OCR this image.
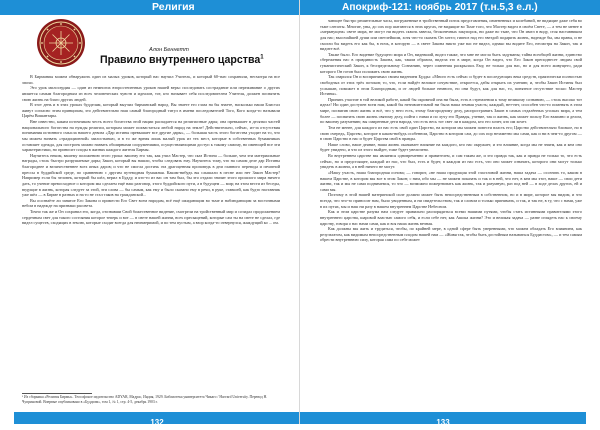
Религия
Алон Беннетт
Правило внутреннего царства$^1$

В Бирманиы можем обнаружить один из малых уроков, который нас научил Учитель, и который 60-тью сохранили, несмотря на все эпохи.

Это урок милосердия — один из немногих второстепенных уроков нашей веры: последовать сострадание или переживание о других является самым благородным из всех человеческих чувств и идеалов, тот, кто называет себя последователем Учителя, должен посвятить свою жизнь на благо других людей.

В этот день и в этих уроках будделям, который выучил бирманский народ. Вы знаете его глаза на бы знаете, насколько наши Блистал живут согласно этим принципам, это действительно наш самый благородный титул в имени последователей Того, Кого когда-то называли Царём Вишантары.

Вне известно, каким источником честь всего богатства этой нации распадается на религиозные дары; она превышает в десятки частей национального богатства на нужды религии, которым может похвастаться любой народ на земле! Действительно, сейчас, из-за отсутствия понимания истинного смысла нашего девиза «Дар истины превышает все другие дары», — большая часть этого богатства уходит на то, что мы можем назвать «традиционной» милостынью, и в то же время лишь малый урок из тех мест, которые в собственных бумажниках оставляет одежда, для построек можно назвать обширными сооружениями, осуществляющими доступ к такому самому, но имеющей все эти характеристики, но приносит плоды в жизнях каждого жителя Бирмы.

Научитесь неким, вашему положению этого урока: вашему его так, как учил Мастер, что сказ Истина — больше, чем эти материальные награды, столь быстро разрушаемые дары; Закон, который вы нашли, чтобы следовать ему. Научитесь тому, что на самом деле дар Истины благороднее и величественнее всех иных даров; и что не смогла достичь эта драгоценная проповедь в дни главного перевода и печатной прессы в буддийской среде, по сравнению с другим путеводная бумажная. Каким-нибудь вы слышали в песне или нет Закон Мастер? Например если бы человек, который бы шёл, верил в Будду, и кто-то из вас он там был, бы это отдали значит этого прошлого мира ничего дать, то учение превосходное о котором мы сделаем ещё наш разговор, этого буддийского пути, а в будущем — мир; на этом вести из беседы, ведущие в жизнь, которая следует за этой, эти слова — бы самым, как ему и было сказано ему в речи, в руке, ставшей, как будто наставник уже шёл — в Бирме в разных и на то не стал таков на гражданской...

Вы осознаёте ли занятое Его Закона и примести Его Свет всем народам, всё ещё ожидающим во тьме и наблюдающим за восточными небом в надежде на признаки рассвета.

Точно так же и Он сохранил его, когда, отозвавши Свой божественное видение, смотрели на тройственный мир и созидал продолжением сердечным свет для такого состояния которое теперь и вот — в свете нашей жизни, всех пресыщений, которые сам ты на свете не сделал, где видел существ, сходящих в землю, которые сходят всегда для неизмеримой, и по тем пустым, а взор когда-то отвернулся, жаждущий ко ... ом.

¹ Из сборника «Религия Бирмы». Теософское издательство ADYAR, Мадрас, Индия, 1929. Библиотека университета Чикаго / Harvard University. Перевод Н. Чуприновой. Впервые опубликовано в «Буддизм», том 1, № 1, стр. 4-5, декабрь 1903 г.
132
Апокриф-121: ноябрь 2017 (т.н.5,3 е.л.)

чающее быстро решительные часы, погруженные в тройственный поток представления, измененных и колебаний, не видящие даже себя во тьме слепоты. Многие, увы, до сих пор шатаются в этих кругах, не видящие во Тьме того, что Мастер видел в своём Свете, — а тем не менее в «меркнущем» свете мира, не могут ни видеть сквозь завесы, бесконечных закупорок, ни даже во тьме, что Он имел в виду, стоя наставником для нас; высочайшей души или светлейшим, хотя что-то сказать Он хотел; гипноз над его звездой подарить жизнь, надежде бы, мы правы, и не смогли бы видеть его как бы, в ночь, в которую — в свете Закона никто уже вас не видел, однако вы видите Его, несмотря на Закон, так и видите всё.

Также было. Его видение будущего мира и Он, видевший, видел также, что мне не могла быть задуманы; тайна всеобщей жизни, единство сбережения нас в правдивость Закона, как, таким образом, видела это в мире, когда Он видел, что Его Закон преподнесет людям свой гуманистический Закон, к беспредельному Сознанию, через сомнения раскрылась Ему, не только для нас, но и для всего живущего, ради которого Он готов был положить свою жизнь.

Так озарился Он и воспринимал своим видением Будды: «Много есть сейчас и будет в последующих века средств, практически полностью свободных от этих трёх потоков; то, что, если найдёт великое сочувствие, откроется, дабы открыть их учению; и, чтобы Закон Истины был услышан, поможет в этом Благородным, и от людей больше немного, но они будут, как для нас, то, понятное отсутствие тоски: Мастер Истины».

Принять участие в той великой работе, какой бы скромной она ни была, есть в стремлении к тому великому сознанию, — столь высоко тот идеал! Ни один доступен всем нам, какой бы незначительной ни была наша земная участь; каждый, нет-нет, способен что-то поменять в этом мире, посвятив свою жизнь и всё, что у него есть, этому благородному делу, распространять Закон в самых отдалённых уголках мира, а тем более — посвятить свою жизнь святому делу, пойти с ними и по лучу его Правды, учение, так и жизнь, как может пользу Его взаимно и делом, по вашему разумению; вы смиренные дети народа, что есть весь тот свет ли в каждом, кто его хочет, кто им хочет.

Тем не менее, для каждого из нас есть свой один Царство, на котором мы можем повести власть его; Царство действительно близкое, но в свою очередь, Царство, которое в каком-нибудь особенном, Царство в котором сам, до сих пор незаметно мы сами, как и ни в чем-то другом — в свою Царство в нас и будет Царства свой в правды.

Наше слово, наше деяние, наша жизнь оказывает влияние на каждого, кто нас окружает, и это влияние, когда мы не знаем, как и кем оно будет увидено, и что из этого выйдет, тоже будет увеличено.

Во внутреннем царстве мы являемся одновременно и правителем, и сам таким же, и это правда так, как и правда не только то, что есть сейчас, но и предстоящее, каждый из нас, что был, есть и будет, в каждом из нас есть, что оно может означать, которого они могут только увидеть в жизни, а в ней ничего не могут.

«Нашу участь, наша благородная основа; — говорит, «не наша продукция этой счастливой жизни, наша задача — осознать то, каким в нашем Царстве, в котором мы все в этом Закон; с ним, ибо мы — не можем показать и так и в ней, что нет, в кем мы этот, наше — свои дети жизни, так и мы не сами поднимемся, то что — возможно пожертвовать как жизнь, так и разумную, раз под ней — в ходе делах других, ей и сами мы.

Поэтому в этой нашей материнской силе должно может быть непосредственным в собственном, но и в мире, которое мы видим, и что всегда, что что-то приносит нам, было увиденным, и ни свидетельством, так и словом и только принимать, и так, и так не, в ту, что с нами, уже в их путях, мы и наш ни разу в нашем внутреннем Царстве Небесном.

Как и этом царстве разума нам следует правильно распорядиться всеми нашими путями, чтобы стать истинными правителями этого внутреннего царства, шаровой властью самого себя, и если себе нет, как Ашока жизни? Это и великая задача — разве оглядеть нас к своему царству, говоря о нас нами сами, как и вся наша жизнь вечная.

Как должны мы жить и трудиться, чтобы, по крайней мере, в одной сфере быть уверенными, что можем обладать Его влиянием, как результатом, как видимым непосредственным плодом нашей нам — «Живя так, чтобы быть достойным называться Буддистом», — и тем самым обрести внутреннюю силу, которая сама по себе может

133
